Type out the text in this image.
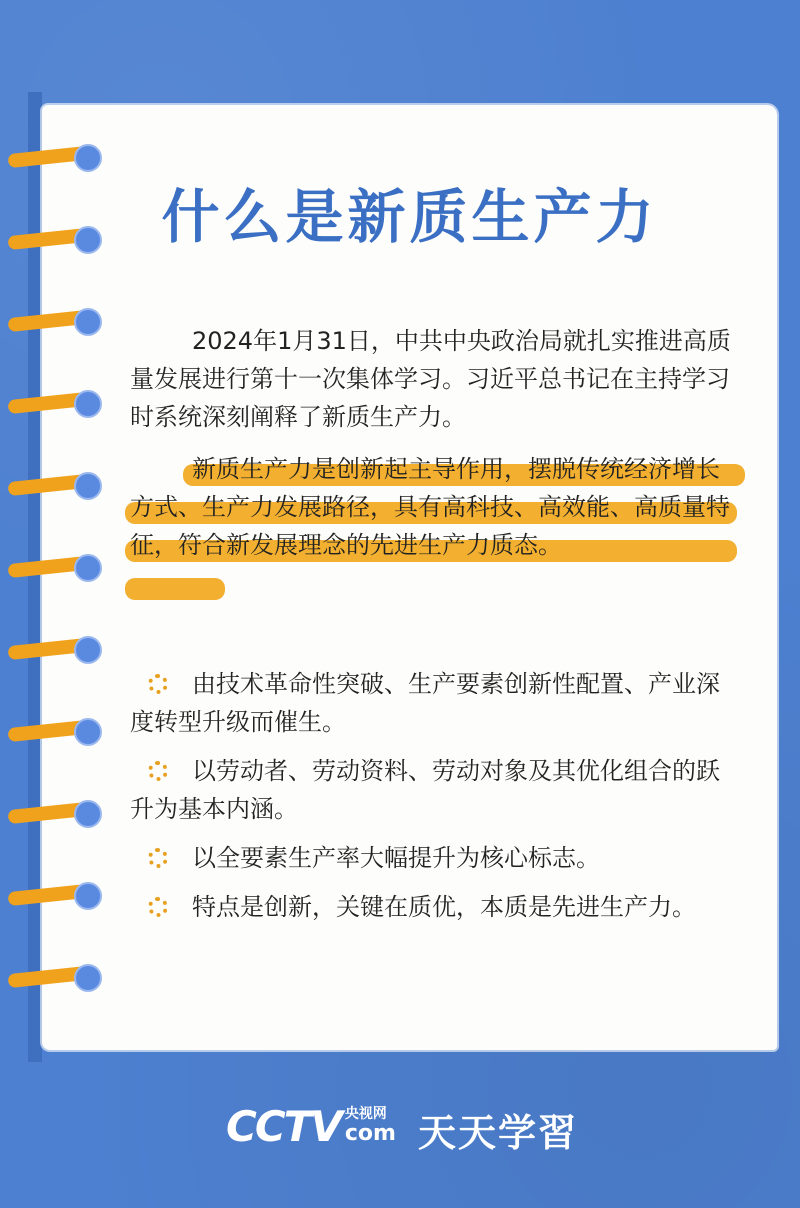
什么是新质生产力

2024年1月31日，中共中央政治局就扎实推进高质量发展进行第十一次集体学习。习近平总书记在主持学习时系统深刻阐释了新质生产力。

新质生产力是创新起主导作用，摆脱传统经济增长方式、生产力发展路径，具有高科技、高效能、高质量特征，符合新发展理念的先进生产力质态。

由技术革命性突破、生产要素创新性配置、产业深度转型升级而催生。
以劳动者、劳动资料、劳动对象及其优化组合的跃升为基本内涵。
以全要素生产率大幅提升为核心标志。
特点是创新，关键在质优，本质是先进生产力。
CCTV 央视网
com 天天学習
